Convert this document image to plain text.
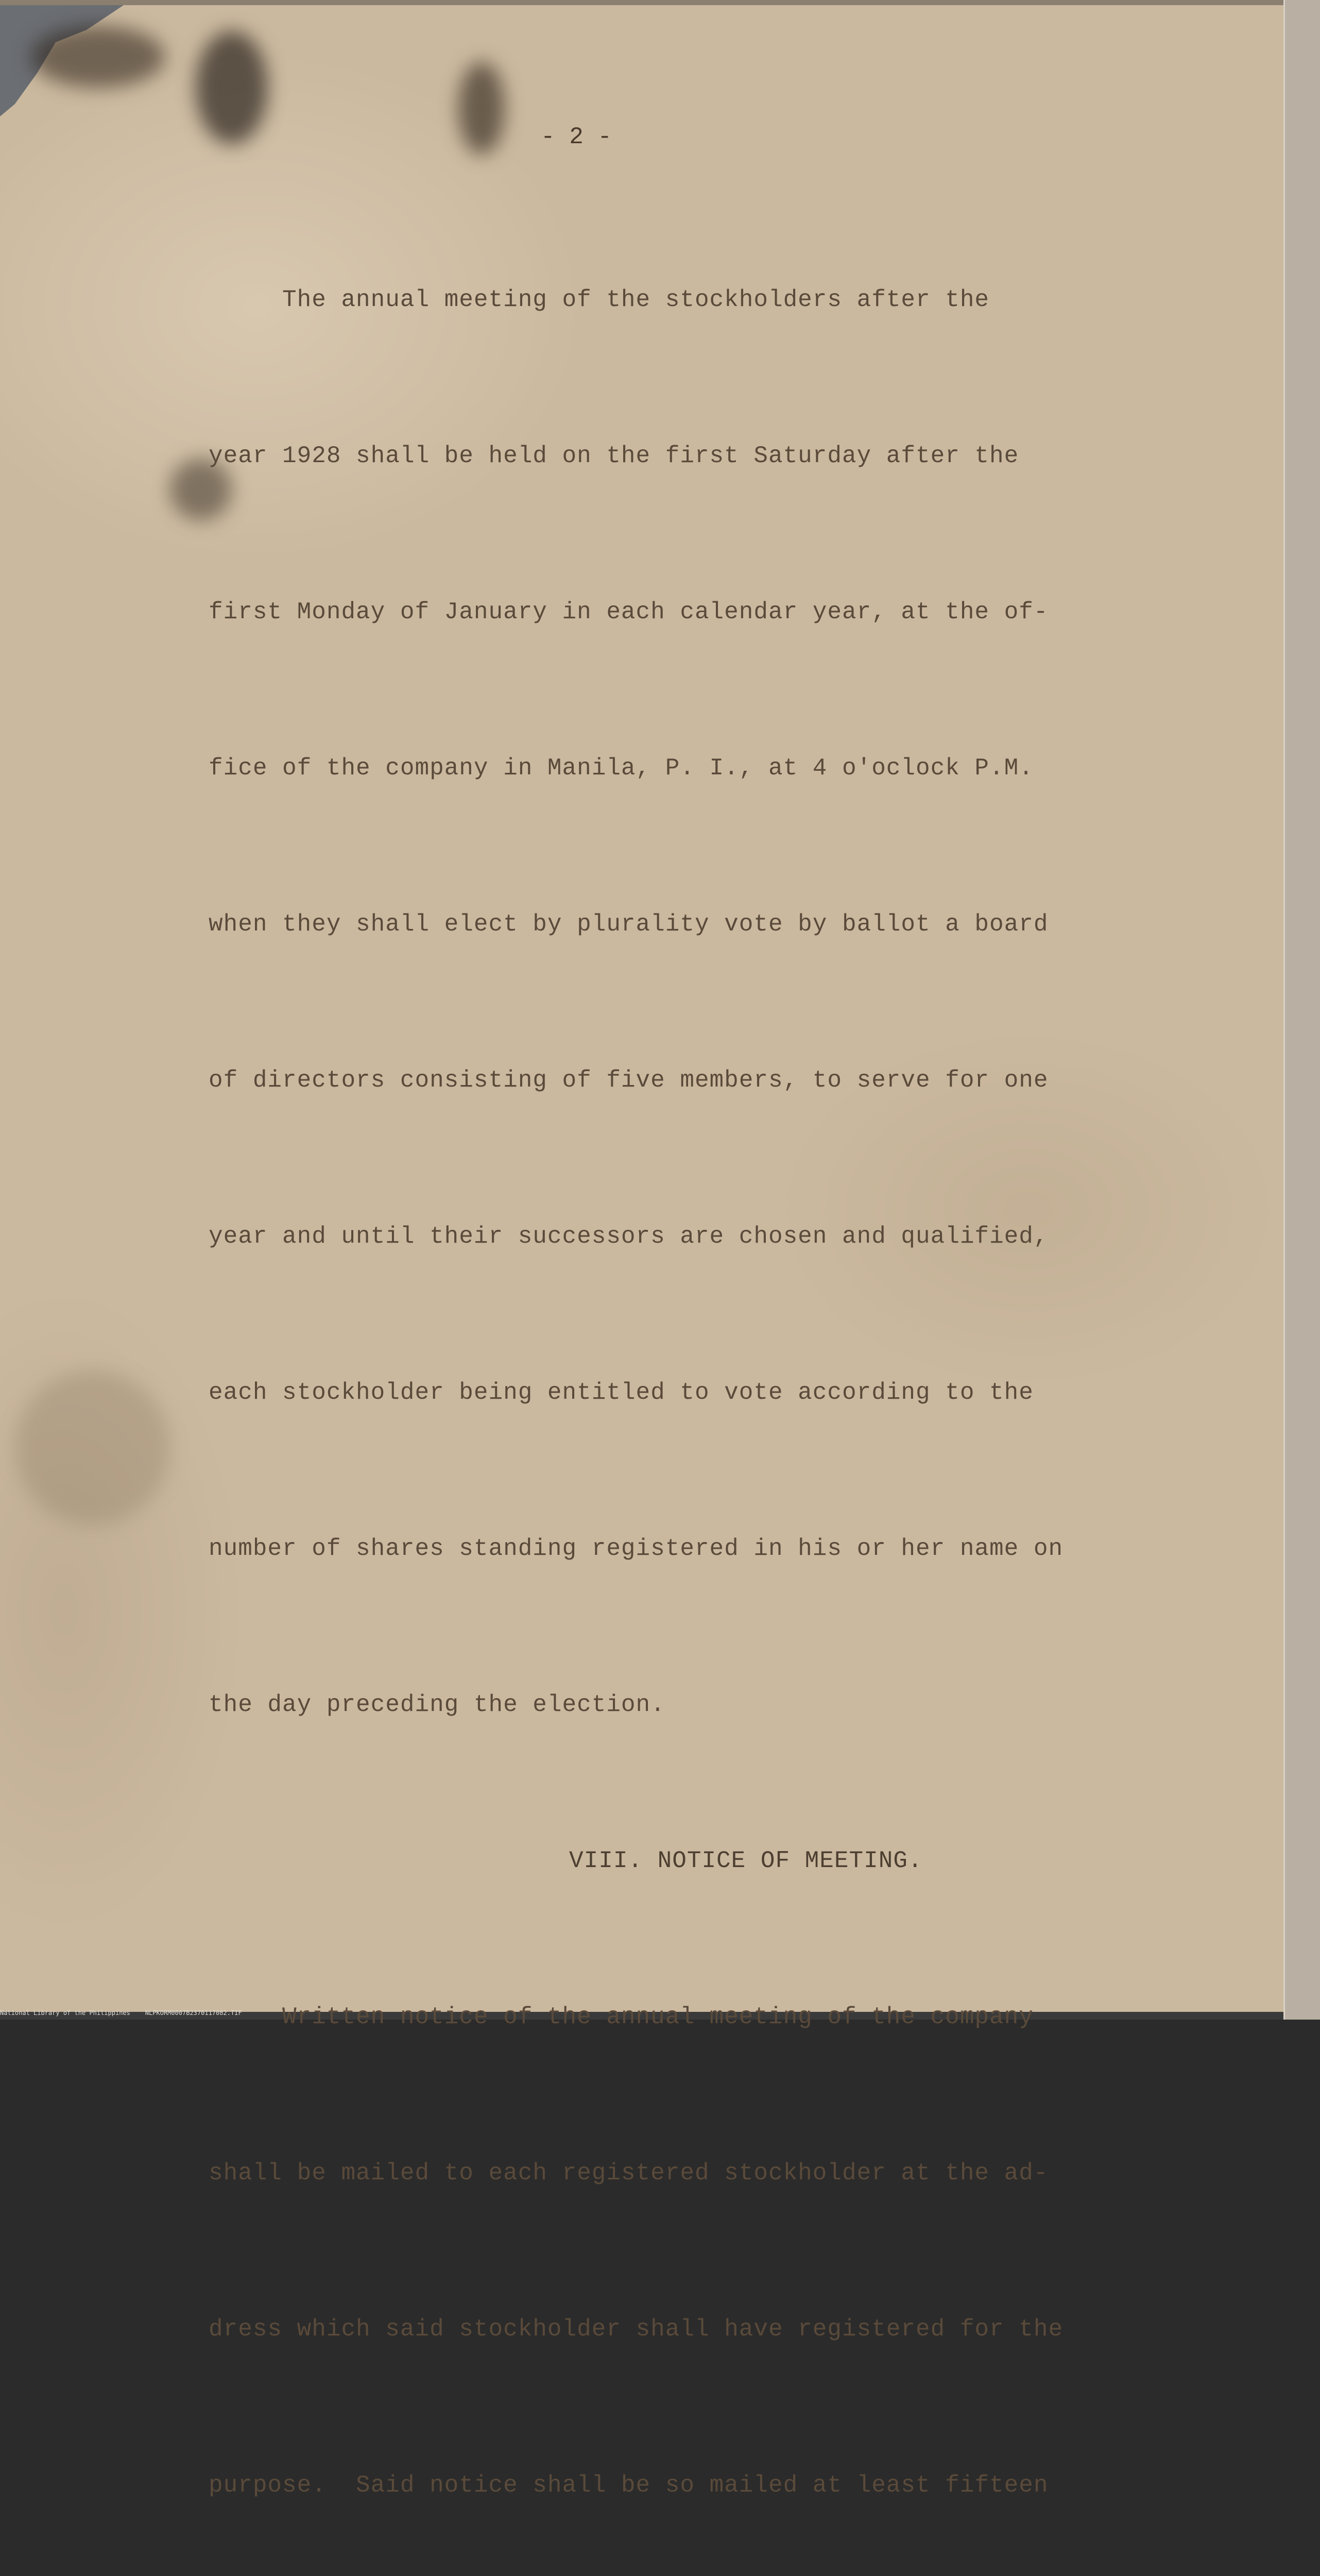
- 2 -

The annual meeting of the stockholders after the

year 1928 shall be held on the first Saturday after the

first Monday of January in each calendar year, at the of-

fice of the company in Manila, P. I., at 4 o'oclock P.M.

when they shall elect by plurality vote by ballot a board

of directors consisting of five members, to serve for one

year and until their successors are chosen and qualified,

each stockholder being entitled to vote according to the

number of shares standing registered in his or her name on

the day preceding the election.

VIII. NOTICE OF MEETING.

Written notice of the annual meeting of the company

shall be mailed to each registered stockholder at the ad-

dress which said stockholder shall have registered for the

purpose.  Said notice shall be so mailed at least fifteen

National Library of the Philippines    NLPKORM0007B2370117082.TIF
